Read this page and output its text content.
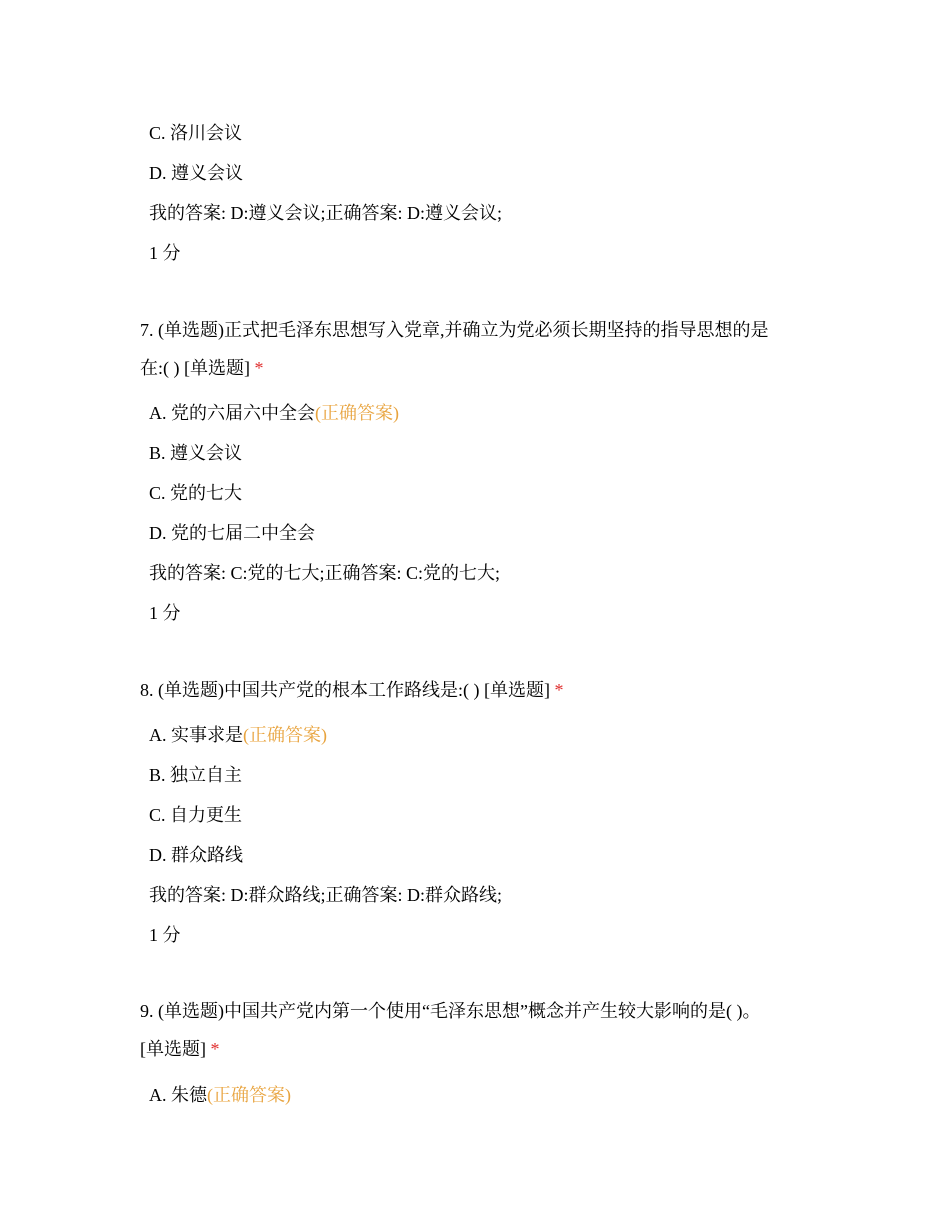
C. 洛川会议
D. 遵义会议
我的答案: D:遵义会议;正确答案: D:遵义会议;
1 分
7. (单选题)正式把毛泽东思想写入党章,并确立为党必须长期坚持的指导思想的是
在:( ) [单选题] *
A. 党的六届六中全会(正确答案)
B. 遵义会议
C. 党的七大
D. 党的七届二中全会
我的答案: C:党的七大;正确答案: C:党的七大;
1 分
8. (单选题)中国共产党的根本工作路线是:( ) [单选题] *
A. 实事求是(正确答案)
B. 独立自主
C. 自力更生
D. 群众路线
我的答案: D:群众路线;正确答案: D:群众路线;
1 分
9. (单选题)中国共产党内第一个使用“毛泽东思想”概念并产生较大影响的是( )。
[单选题] *
A. 朱德(正确答案)
